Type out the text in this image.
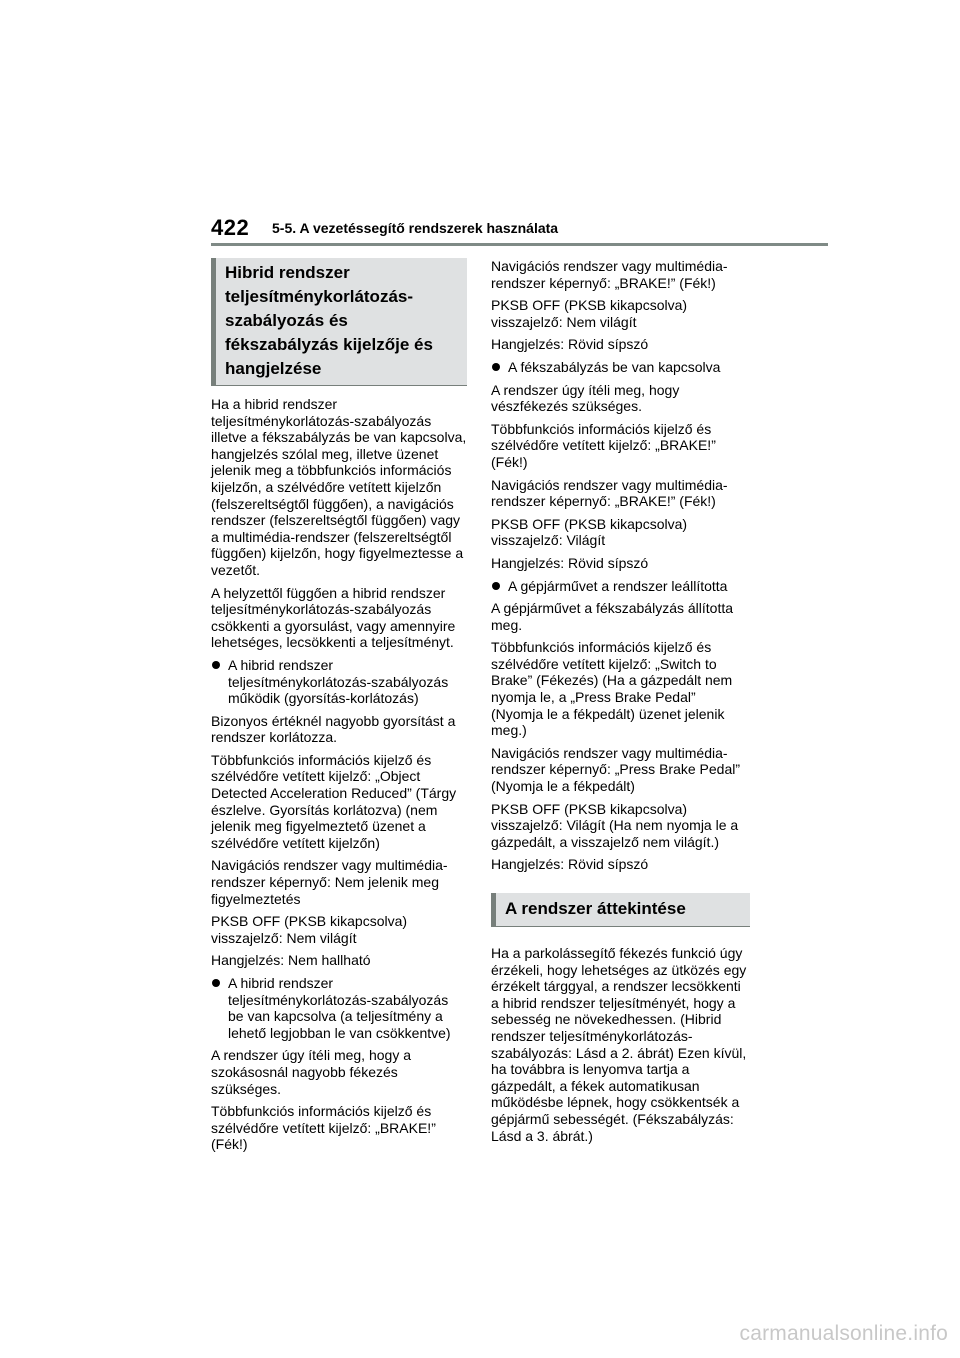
422 5-5. A vezetéssegítő rendszerek használata
Hibrid rendszer teljesítménykorlátozás-szabályozás és fékszabályzás kijelzője és hangjelzése

Ha a hibrid rendszer teljesítménykorlátozás-szabályozás illetve a fékszabályzás be van kapcsolva, hangjelzés szólal meg, illetve üzenet jelenik meg a többfunkciós információs kijelzőn, a szélvédőre vetített kijelzőn (felszereltségtől függően), a navigációs rendszer (felszereltségtől függően) vagy a multimédia-rendszer (felszereltségtől függően) kijelzőn, hogy figyelmeztesse a vezetőt.

A helyzettől függően a hibrid rendszer teljesítménykorlátozás-szabályozás csökkenti a gyorsulást, vagy amennyire lehetséges, lecsökkenti a teljesítményt.

A hibrid rendszer teljesítménykorlátozás-szabályozás működik (gyorsítás-korlátozás)

Bizonyos értéknél nagyobb gyorsítást a rendszer korlátozza.

Többfunkciós információs kijelző és szélvédőre vetített kijelző: „Object Detected Acceleration Reduced” (Tárgy észlelve. Gyorsítás korlátozva) (nem jelenik meg figyelmeztető üzenet a szélvédőre vetített kijelzőn)

Navigációs rendszer vagy multimédia-rendszer képernyő: Nem jelenik meg figyelmeztetés

PKSB OFF (PKSB kikapcsolva) visszajelző: Nem világít

Hangjelzés: Nem hallható

A hibrid rendszer teljesítménykorlátozás-szabályozás be van kapcsolva (a teljesítmény a lehető legjobban le van csökkentve)

A rendszer úgy ítéli meg, hogy a szokásosnál nagyobb fékezés szükséges.

Többfunkciós információs kijelző és szélvédőre vetített kijelző: „BRAKE!” (Fék!)

Navigációs rendszer vagy multimédia-rendszer képernyő: „BRAKE!” (Fék!)

PKSB OFF (PKSB kikapcsolva) visszajelző: Nem világít

Hangjelzés: Rövid sípszó

A fékszabályzás be van kapcsolva

A rendszer úgy ítéli meg, hogy vészfékezés szükséges.

Többfunkciós információs kijelző és szélvédőre vetített kijelző: „BRAKE!” (Fék!)

Navigációs rendszer vagy multimédia-rendszer képernyő: „BRAKE!” (Fék!)

PKSB OFF (PKSB kikapcsolva) visszajelző: Világít

Hangjelzés: Rövid sípszó

A gépjárművet a rendszer leállította

A gépjárművet a fékszabályzás állította meg.

Többfunkciós információs kijelző és szélvédőre vetített kijelző: „Switch to Brake” (Fékezés) (Ha a gázpedált nem nyomja le, a „Press Brake Pedal” (Nyomja le a fékpedált) üzenet jelenik meg.)

Navigációs rendszer vagy multimédia-rendszer képernyő: „Press Brake Pedal” (Nyomja le a fékpedált)

PKSB OFF (PKSB kikapcsolva) visszajelző: Világít (Ha nem nyomja le a gázpedált, a visszajelző nem világít.)

Hangjelzés: Rövid sípszó

A rendszer áttekintése

Ha a parkolássegítő fékezés funkció úgy érzékeli, hogy lehetséges az ütközés egy érzékelt tárggyal, a rendszer lecsökkenti a hibrid rendszer teljesítményét, hogy a sebesség ne növekedhessen. (Hibrid rendszer teljesítménykorlátozás-szabályozás: Lásd a 2. ábrát) Ezen kívül, ha továbbra is lenyomva tartja a gázpedált, a fékek automatikusan működésbe lépnek, hogy csökkentsék a gépjármű sebességét. (Fékszabályzás: Lásd a 3. ábrát.)

carmanualsonline.info
